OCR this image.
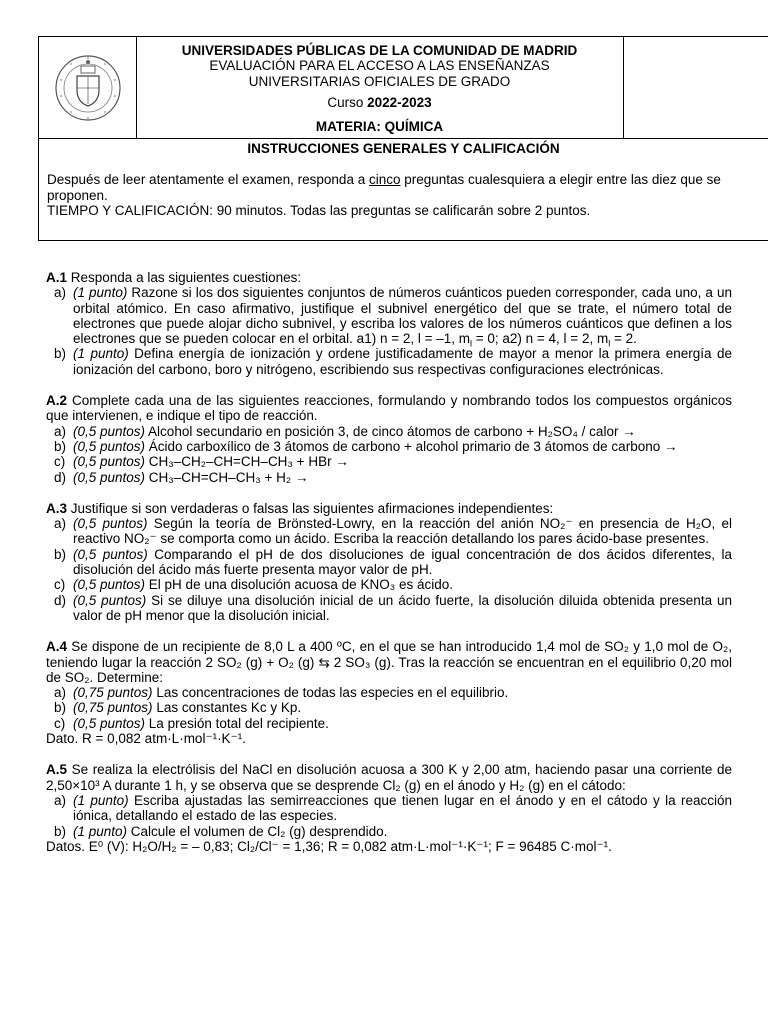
UNIVERSIDADES PÚBLICAS DE LA COMUNIDAD DE MADRID
EVALUACIÓN PARA EL ACCESO A LAS ENSEÑANZAS
UNIVERSITARIAS OFICIALES DE GRADO
Curso 2022-2023
MATERIA: QUÍMICA
INSTRUCCIONES GENERALES Y CALIFICACIÓN
Después de leer atentamente el examen, responda a cinco preguntas cualesquiera a elegir entre las diez que se proponen.
TIEMPO Y CALIFICACIÓN: 90 minutos. Todas las preguntas se calificarán sobre 2 puntos.
A.1 Responda a las siguientes cuestiones:
a) (1 punto) Razone si los dos siguientes conjuntos de números cuánticos pueden corresponder, cada uno, a un orbital atómico. En caso afirmativo, justifique el subnivel energético del que se trate, el número total de electrones que puede alojar dicho subnivel, y escriba los valores de los números cuánticos que definen a los electrones que se pueden colocar en el orbital. a1) n = 2, l = –1, $m_l = 0$; a2) n = 4, l = 2, $m_l = 2$.
b) (1 punto) Defina energía de ionización y ordene justificadamente de mayor a menor la primera energía de ionización del carbono, boro y nitrógeno, escribiendo sus respectivas configuraciones electrónicas.
A.2 Complete cada una de las siguientes reacciones, formulando y nombrando todos los compuestos orgánicos que intervienen, e indique el tipo de reacción.
a) (0,5 puntos) Alcohol secundario en posición 3, de cinco átomos de carbono + H₂SO₄ / calor →
b) (0,5 puntos) Ácido carboxílico de 3 átomos de carbono + alcohol primario de 3 átomos de carbono →
c) (0,5 puntos) CH₃–CH₂–CH=CH–CH₃ + HBr →
d) (0,5 puntos) CH₃–CH=CH–CH₃ + H₂ →
A.3 Justifique si son verdaderas o falsas las siguientes afirmaciones independientes:
a) (0,5 puntos) Según la teoría de Brönsted-Lowry, en la reacción del anión NO₂⁻ en presencia de H₂O, el reactivo NO₂⁻ se comporta como un ácido. Escriba la reacción detallando los pares ácido-base presentes.
b) (0,5 puntos) Comparando el pH de dos disoluciones de igual concentración de dos ácidos diferentes, la disolución del ácido más fuerte presenta mayor valor de pH.
c) (0,5 puntos) El pH de una disolución acuosa de KNO₃ es ácido.
d) (0,5 puntos) Si se diluye una disolución inicial de un ácido fuerte, la disolución diluida obtenida presenta un valor de pH menor que la disolución inicial.
A.4 Se dispone de un recipiente de 8,0 L a 400 ºC, en el que se han introducido 1,4 mol de SO₂ y 1,0 mol de O₂, teniendo lugar la reacción 2 SO₂ (g) + O₂ (g) ⇆ 2 SO₃ (g). Tras la reacción se encuentran en el equilibrio 0,20 mol de SO₂. Determine:
a) (0,75 puntos) Las concentraciones de todas las especies en el equilibrio.
b) (0,75 puntos) Las constantes Kc y Kp.
c) (0,5 puntos) La presión total del recipiente.
Dato. R = 0,082 atm·L·mol⁻¹·K⁻¹.
A.5 Se realiza la electrólisis del NaCl en disolución acuosa a 300 K y 2,00 atm, haciendo pasar una corriente de 2,50×10³ A durante 1 h, y se observa que se desprende Cl₂ (g) en el ánodo y H₂ (g) en el cátodo:
a) (1 punto) Escriba ajustadas las semirreacciones que tienen lugar en el ánodo y en el cátodo y la reacción iónica, detallando el estado de las especies.
b) (1 punto) Calcule el volumen de Cl₂ (g) desprendido.
Datos. E⁰ (V): H₂O/H₂ = – 0,83; Cl₂/Cl⁻ = 1,36; R = 0,082 atm·L·mol⁻¹·K⁻¹; F = 96485 C·mol⁻¹.
